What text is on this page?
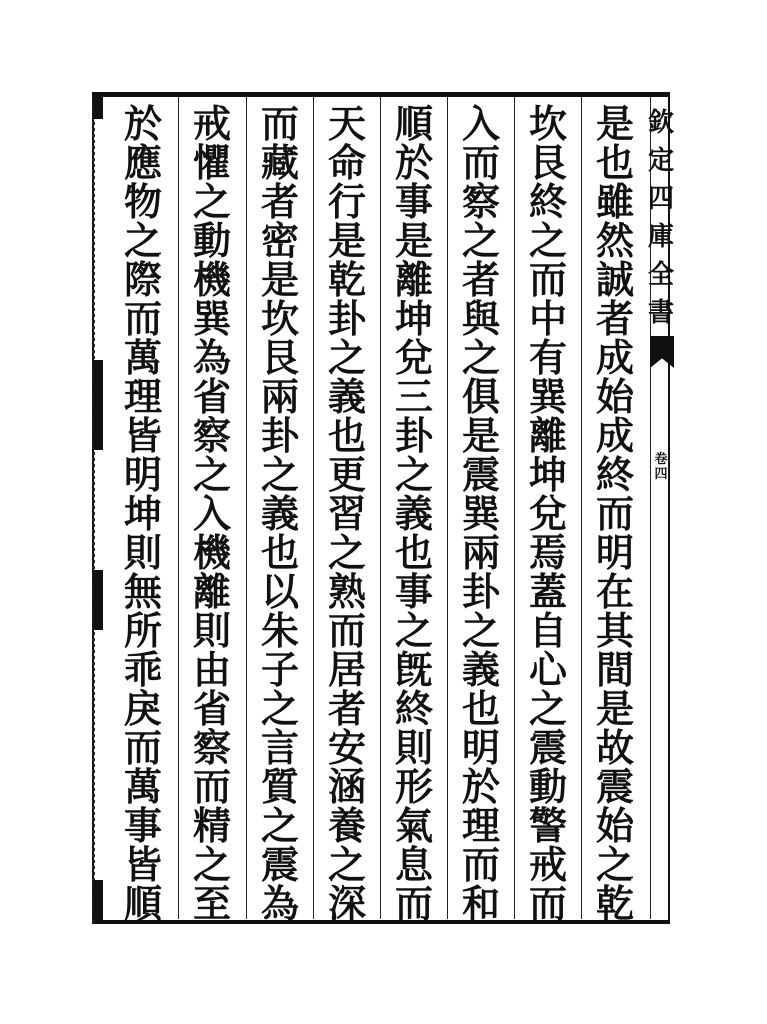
欽
定
四
庫
全
書
卷
四
是
也
雖
然
誠
者
成
始
成
終
而
明
在
其
間
是
故
震
始
之
乾
坎
艮
終
之
而
中
有
巽
離
坤
兌
焉
蓋
自
心
之
震
動
警
戒
而
入
而
察
之
者
與
之
俱
是
震
巽
兩
卦
之
義
也
明
於
理
而
和
順
於
事
是
離
坤
兌
三
卦
之
義
也
事
之
旣
終
則
形
氣
息
而
天
命
行
是
乾
卦
之
義
也
更
習
之
熟
而
居
者
安
涵
養
之
深
而
藏
者
密
是
坎
艮
兩
卦
之
義
也
以
朱
子
之
言
質
之
震
為
戒
懼
之
動
機
巽
為
省
察
之
入
機
離
則
由
省
察
而
精
之
至
於
應
物
之
際
而
萬
理
皆
明
坤
則
無
所
乖
戾
而
萬
事
皆
順
